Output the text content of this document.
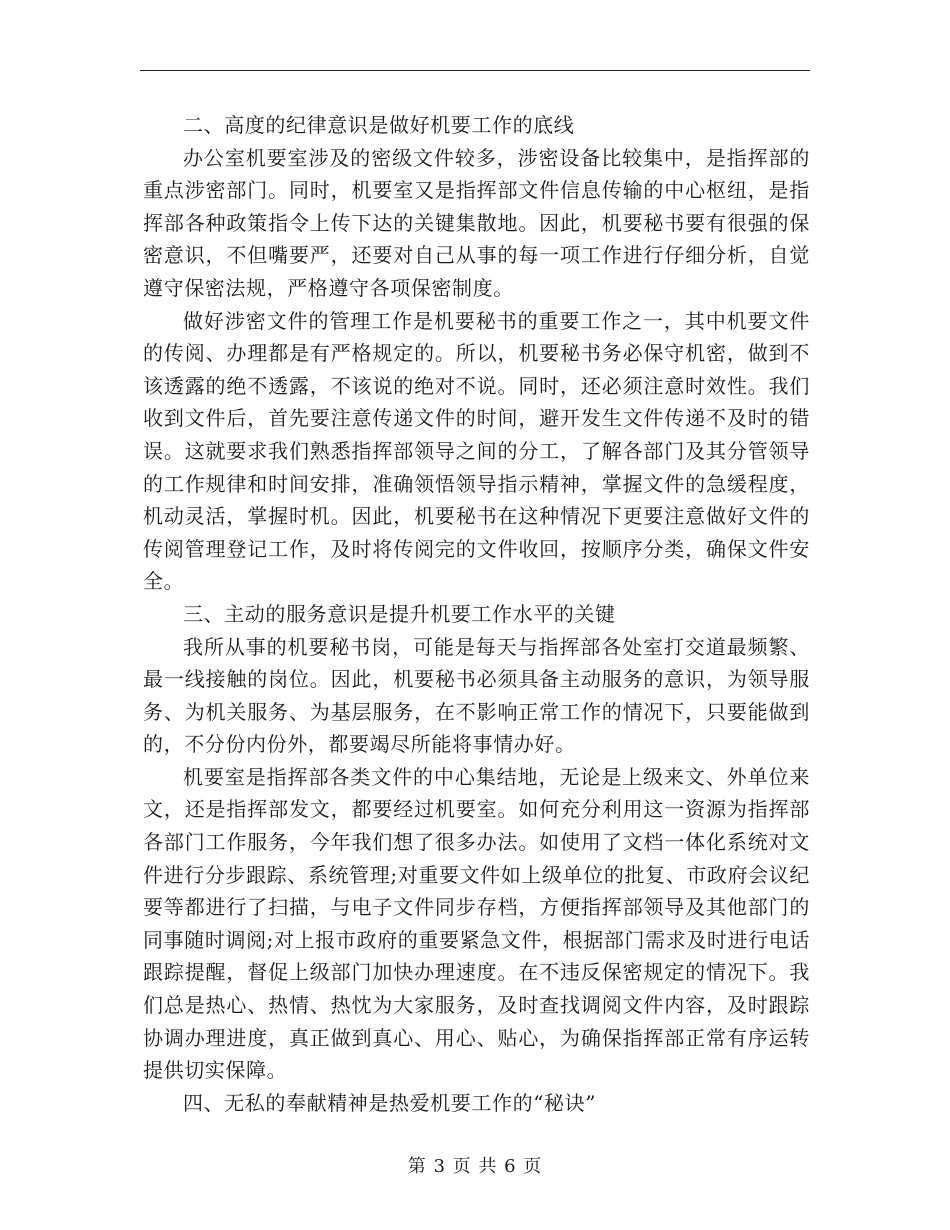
二、高度的纪律意识是做好机要工作的底线

办公室机要室涉及的密级文件较多，涉密设备比较集中，是指挥部的重点涉密部门。同时，机要室又是指挥部文件信息传输的中心枢纽，是指挥部各种政策指令上传下达的关键集散地。因此，机要秘书要有很强的保密意识，不但嘴要严，还要对自己从事的每一项工作进行仔细分析，自觉遵守保密法规，严格遵守各项保密制度。

做好涉密文件的管理工作是机要秘书的重要工作之一，其中机要文件的传阅、办理都是有严格规定的。所以，机要秘书务必保守机密，做到不该透露的绝不透露，不该说的绝对不说。同时，还必须注意时效性。我们收到文件后，首先要注意传递文件的时间，避开发生文件传递不及时的错误。这就要求我们熟悉指挥部领导之间的分工，了解各部门及其分管领导的工作规律和时间安排，准确领悟领导指示精神，掌握文件的急缓程度，机动灵活，掌握时机。因此，机要秘书在这种情况下更要注意做好文件的传阅管理登记工作，及时将传阅完的文件收回，按顺序分类，确保文件安全。

三、主动的服务意识是提升机要工作水平的关键

我所从事的机要秘书岗，可能是每天与指挥部各处室打交道最频繁、最一线接触的岗位。因此，机要秘书必须具备主动服务的意识，为领导服务、为机关服务、为基层服务，在不影响正常工作的情况下，只要能做到的，不分份内份外，都要竭尽所能将事情办好。

机要室是指挥部各类文件的中心集结地，无论是上级来文、外单位来文，还是指挥部发文，都要经过机要室。如何充分利用这一资源为指挥部各部门工作服务，今年我们想了很多办法。如使用了文档一体化系统对文件进行分步跟踪、系统管理;对重要文件如上级单位的批复、市政府会议纪要等都进行了扫描，与电子文件同步存档，方便指挥部领导及其他部门的同事随时调阅;对上报市政府的重要紧急文件，根据部门需求及时进行电话跟踪提醒，督促上级部门加快办理速度。在不违反保密规定的情况下。我们总是热心、热情、热忱为大家服务，及时查找调阅文件内容，及时跟踪协调办理进度，真正做到真心、用心、贴心，为确保指挥部正常有序运转提供切实保障。

四、无私的奉献精神是热爱机要工作的“秘诀”

第 3 页 共 6 页
